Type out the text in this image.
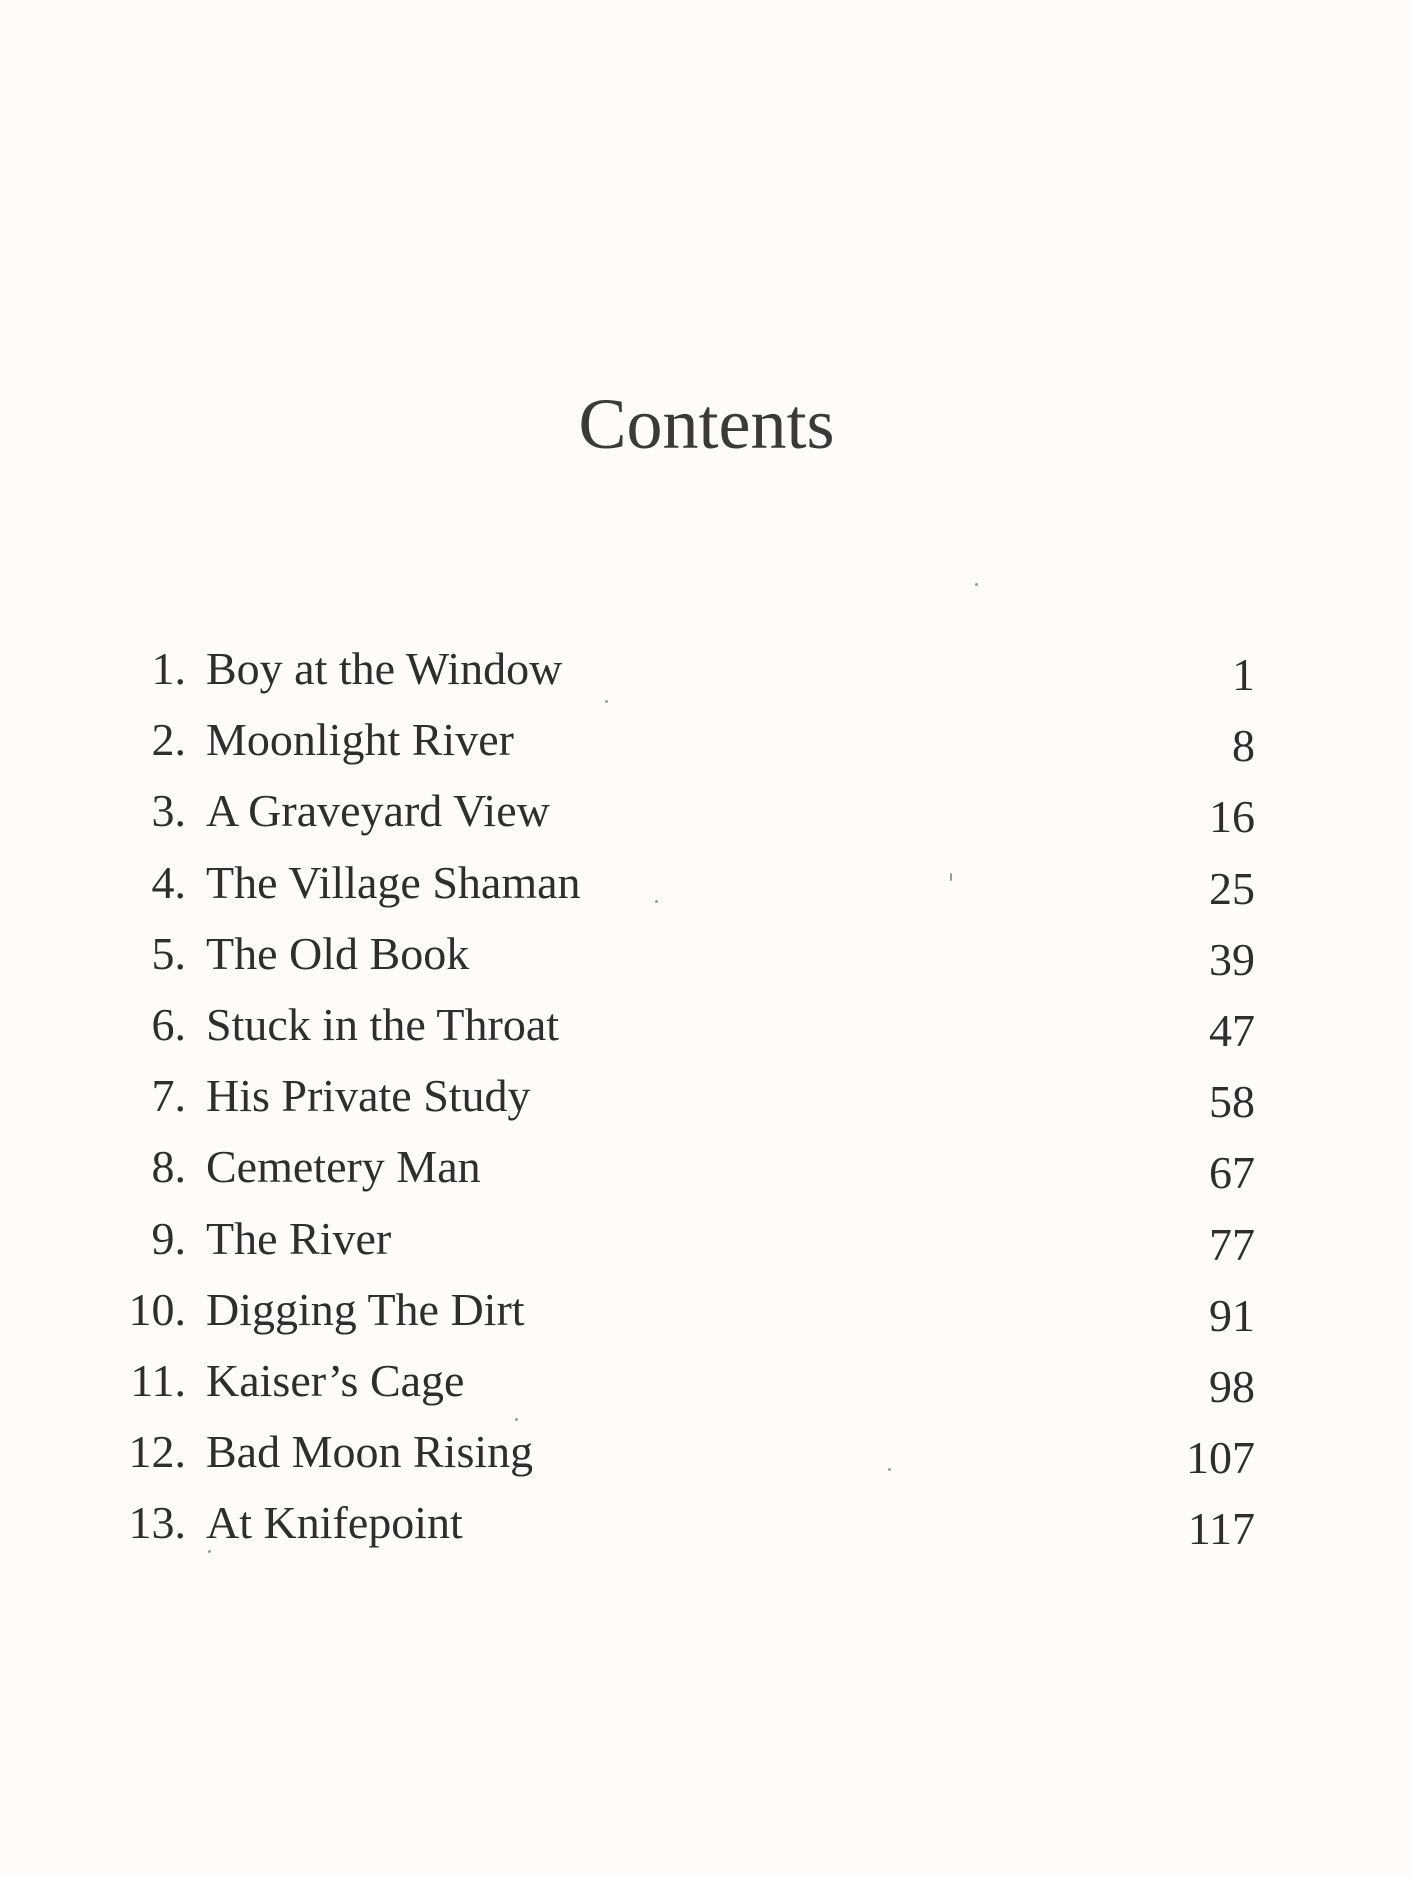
Contents
1. Boy at the Window	1
2. Moonlight River	8
3. A Graveyard View	16
4. The Village Shaman	25
5. The Old Book	39
6. Stuck in the Throat	47
7. His Private Study	58
8. Cemetery Man	67
9. The River	77
10. Digging The Dirt	91
11. Kaiser’s Cage	98
12. Bad Moon Rising	107
13. At Knifepoint	117
